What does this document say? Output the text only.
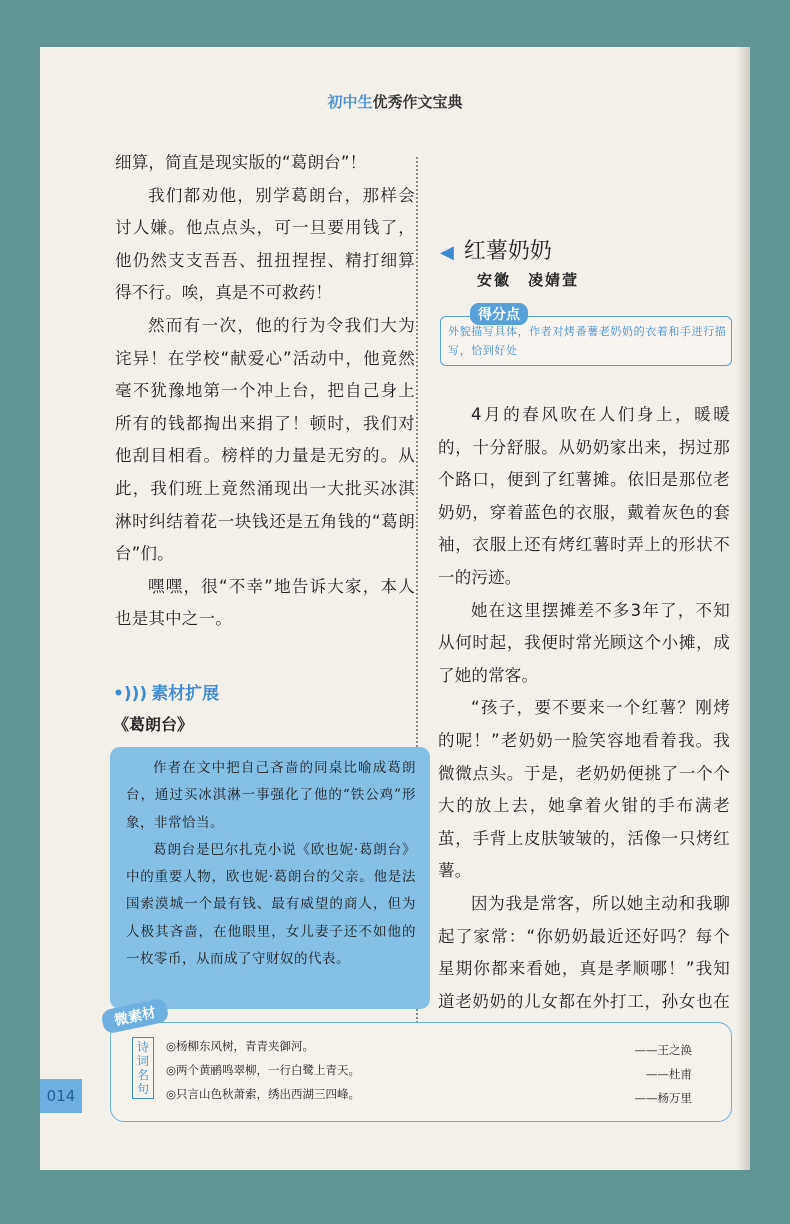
初中生优秀作文宝典

细算，简直是现实版的“葛朗台”！

我们都劝他，别学葛朗台，那样会讨人嫌。他点点头，可一旦要用钱了，他仍然支支吾吾、扭扭捏捏、精打细算得不行。唉，真是不可救药！

然而有一次，他的行为令我们大为诧异！在学校“献爱心”活动中，他竟然毫不犹豫地第一个冲上台，把自己身上所有的钱都掏出来捐了！顿时，我们对他刮目相看。榜样的力量是无穷的。从此，我们班上竟然涌现出一大批买冰淇淋时纠结着花一块钱还是五角钱的“葛朗台”们。

嘿嘿，很“不幸”地告诉大家，本人也是其中之一。

•))) 素材扩展
《葛朗台》

作者在文中把自己吝啬的同桌比喻成葛朗台，通过买冰淇淋一事强化了他的“铁公鸡”形象，非常恰当。

葛朗台是巴尔扎克小说《欧也妮·葛朗台》中的重要人物，欧也妮·葛朗台的父亲。他是法国索漠城一个最有钱、最有威望的商人，但为人极其吝啬，在他眼里，女儿妻子还不如他的一枚零币，从而成了守财奴的代表。

◀ 红薯奶奶
安徽　凌婧萱
得分点
外貌描写具体，作者对烤番薯老奶奶的衣着和手进行描写，恰到好处

4月的春风吹在人们身上，暖暖的，十分舒服。从奶奶家出来，拐过那个路口，便到了红薯摊。依旧是那位老奶奶，穿着蓝色的衣服，戴着灰色的套袖，衣服上还有烤红薯时弄上的形状不一的污迹。

她在这里摆摊差不多3年了，不知从何时起，我便时常光顾这个小摊，成了她的常客。

“孩子，要不要来一个红薯？刚烤的呢！”老奶奶一脸笑容地看着我。我微微点头。于是，老奶奶便挑了一个个大的放上去，她拿着火钳的手布满老茧，手背上皮肤皱皱的，活像一只烤红薯。

因为我是常客，所以她主动和我聊起了家常：“你奶奶最近还好吗？每个星期你都来看她，真是孝顺哪！”我知道老奶奶的儿女都在外打工，孙女也在

微素材
诗词名句
◎杨柳东风树，青青夹御河。
◎两个黄鹂鸣翠柳，一行白鹭上青天。
◎只言山色秋萧索，绣出西湖三四峰。
——王之涣
——杜甫
——杨万里
014
